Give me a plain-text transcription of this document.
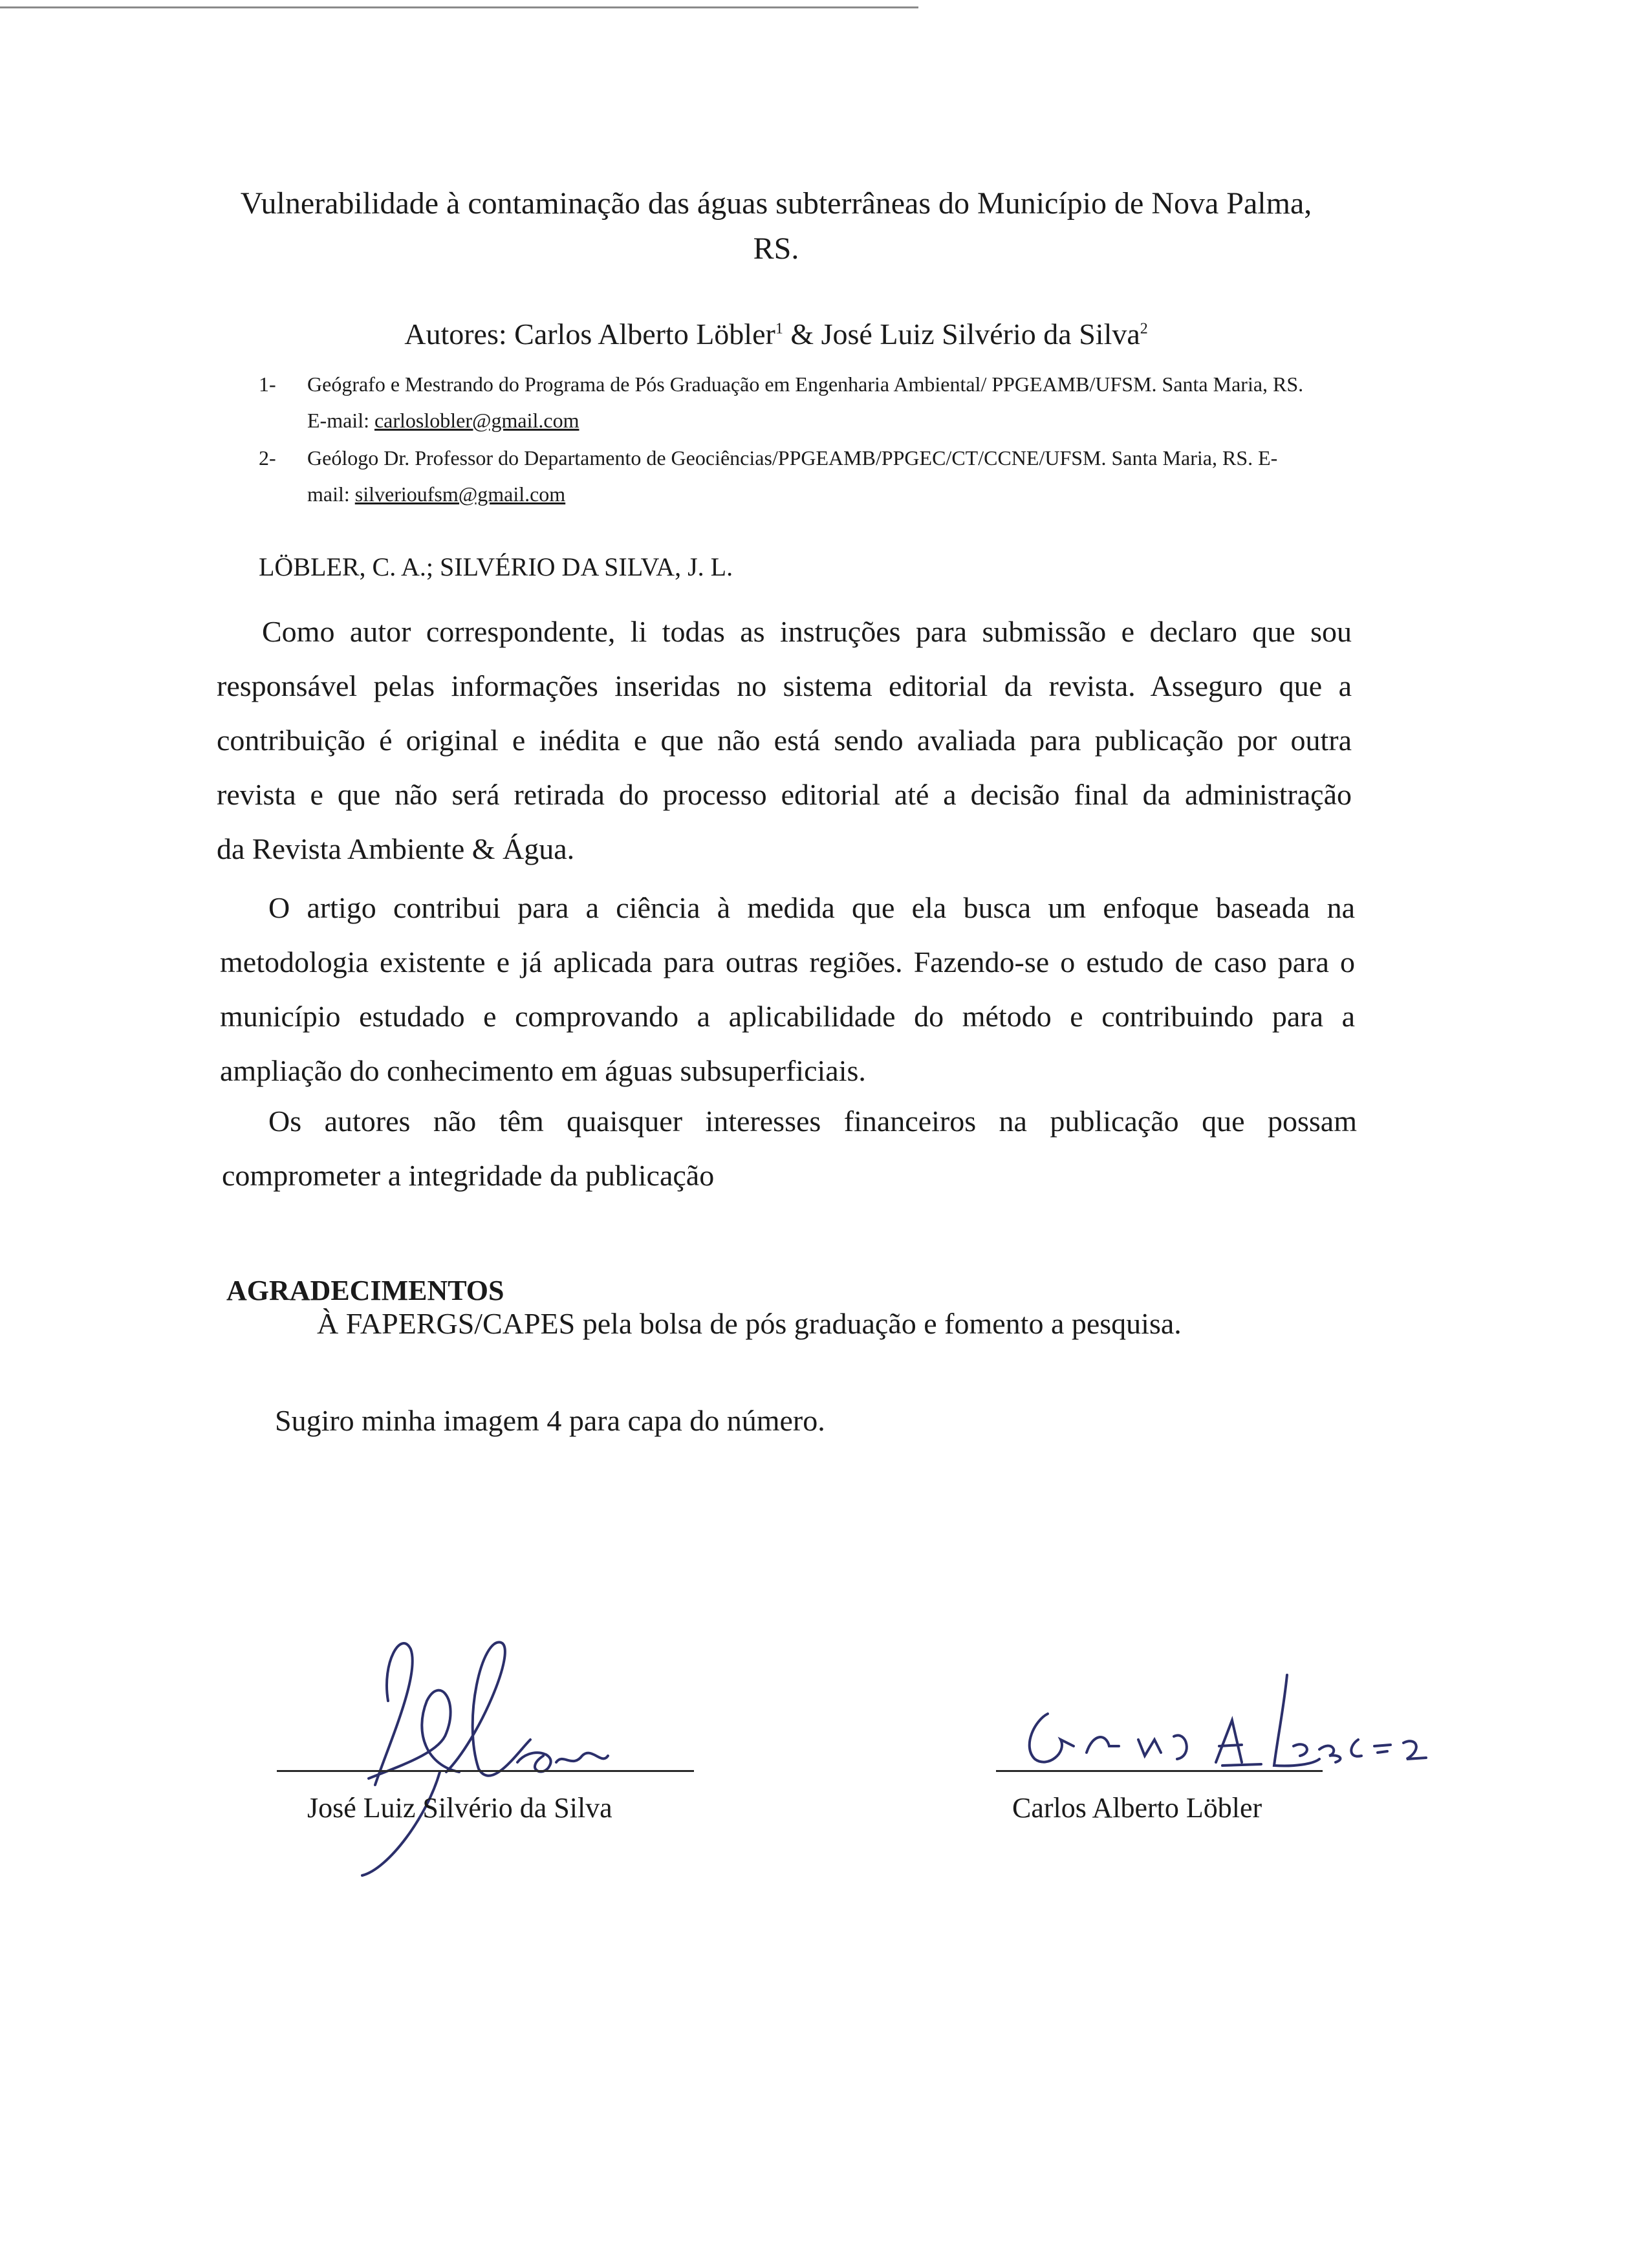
Vulnerabilidade à contaminação das águas subterrâneas do Município de Nova Palma,
RS.
Autores: Carlos Alberto Löbler$^1$ & José Luiz Silvério da Silva$^2$
1- Geógrafo e Mestrando do Programa de Pós Graduação em Engenharia Ambiental/ PPGEAMB/UFSM. Santa Maria, RS.
E-mail: carloslobler@gmail.com
2- Geólogo Dr. Professor do Departamento de Geociências/PPGEAMB/PPGEC/CT/CCNE/UFSM. Santa Maria, RS. E-
mail: silverioufsm@gmail.com
LÖBLER, C. A.; SILVÉRIO DA SILVA, J. L.
Como autor correspondente, li todas as instruções para submissão e declaro que sou
responsável pelas informações inseridas no sistema editorial da revista. Asseguro que a
contribuição é original e inédita e que não está sendo avaliada para publicação por outra
revista e que não será retirada do processo editorial até a decisão final da administração
da Revista Ambiente & Água.
O artigo contribui para a ciência à medida que ela busca um enfoque baseada na
metodologia existente e já aplicada para outras regiões. Fazendo-se o estudo de caso para o
município estudado e comprovando a aplicabilidade do método e contribuindo para a
ampliação do conhecimento em águas subsuperficiais.
Os autores não têm quaisquer interesses financeiros na publicação que possam
comprometer a integridade da publicação
AGRADECIMENTOS
À FAPERGS/CAPES pela bolsa de pós graduação e fomento a pesquisa.
Sugiro minha imagem 4 para capa do número.
José Luiz Silvério da Silva	Carlos Alberto Löbler
